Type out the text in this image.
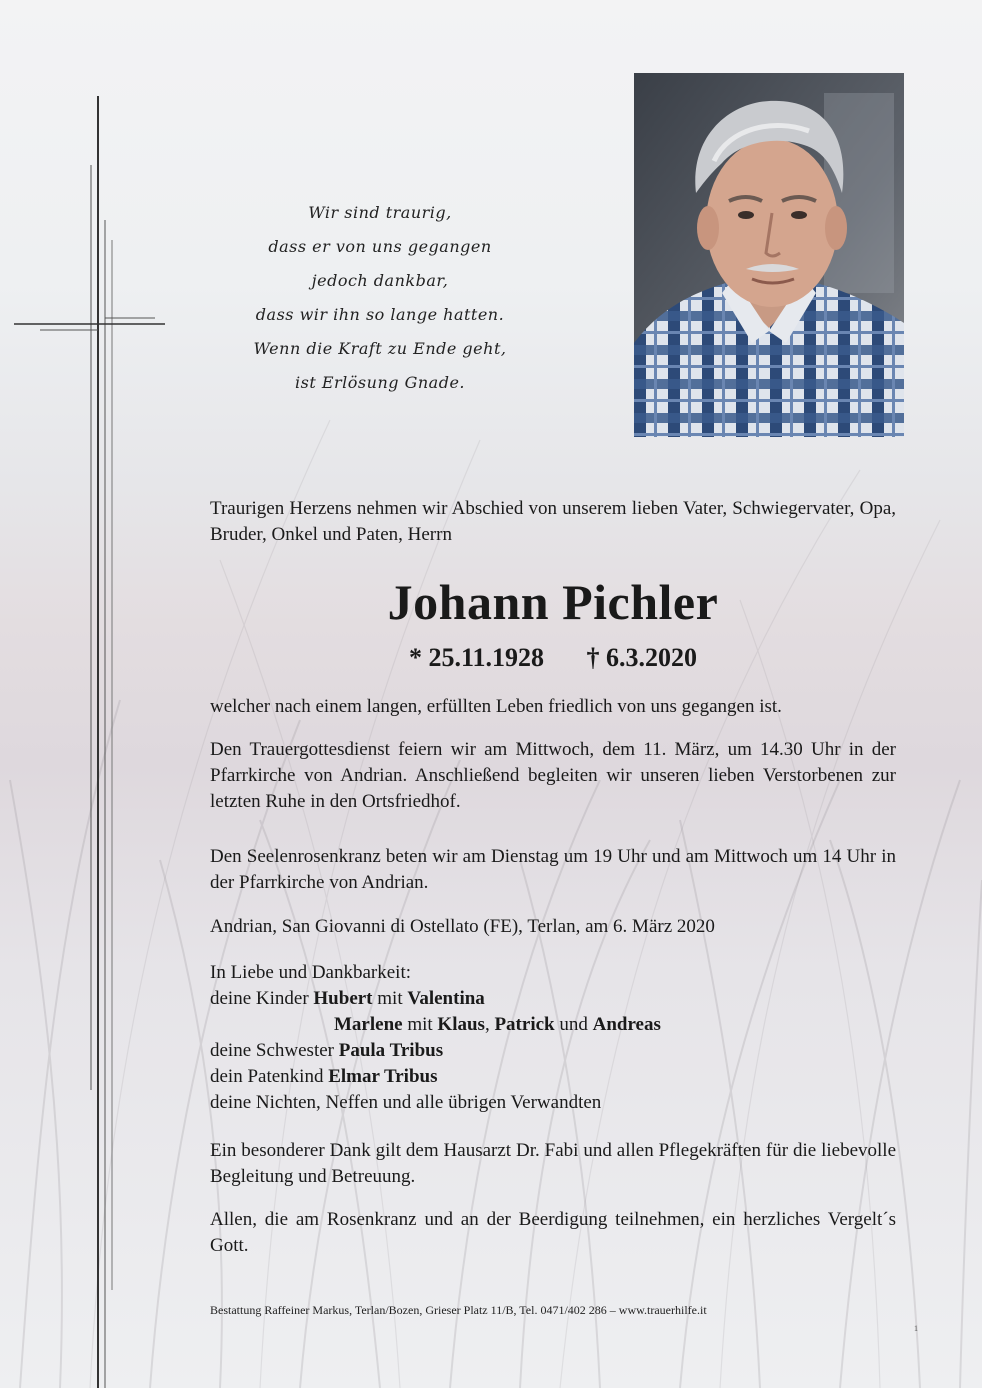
Wir sind traurig,
dass er von uns gegangen
jedoch dankbar,
dass wir ihn so lange hatten.
Wenn die Kraft zu Ende geht,
ist Erlösung Gnade.
Traurigen Herzens nehmen wir Abschied von unserem lieben Vater, Schwiegervater, Opa, Bruder, Onkel und Paten, Herrn
Johann Pichler
* 25.11.1928 † 6.3.2020
welcher nach einem langen, erfüllten Leben friedlich von uns gegangen ist.
Den Trauergottesdienst feiern wir am Mittwoch, dem 11. März, um 14.30 Uhr in der Pfarrkirche von Andrian. Anschließend begleiten wir unseren lieben Verstorbenen zur letzten Ruhe in den Ortsfriedhof.
Den Seelenrosenkranz beten wir am Dienstag um 19 Uhr und am Mittwoch um 14 Uhr in der Pfarrkirche von Andrian.
Andrian, San Giovanni di Ostellato (FE), Terlan, am 6. März 2020
In Liebe und Dankbarkeit:
deine Kinder Hubert mit Valentina
Marlene mit Klaus, Patrick und Andreas
deine Schwester Paula Tribus
dein Patenkind Elmar Tribus
deine Nichten, Neffen und alle übrigen Verwandten
Ein besonderer Dank gilt dem Hausarzt Dr. Fabi und allen Pflegekräften für die liebevolle Begleitung und Betreuung.
Allen, die am Rosenkranz und an der Beerdigung teilnehmen, ein herzliches Vergelt´s Gott.
Bestattung Raffeiner Markus, Terlan/Bozen, Grieser Platz 11/B, Tel. 0471/402 286 – www.trauerhilfe.it
1
